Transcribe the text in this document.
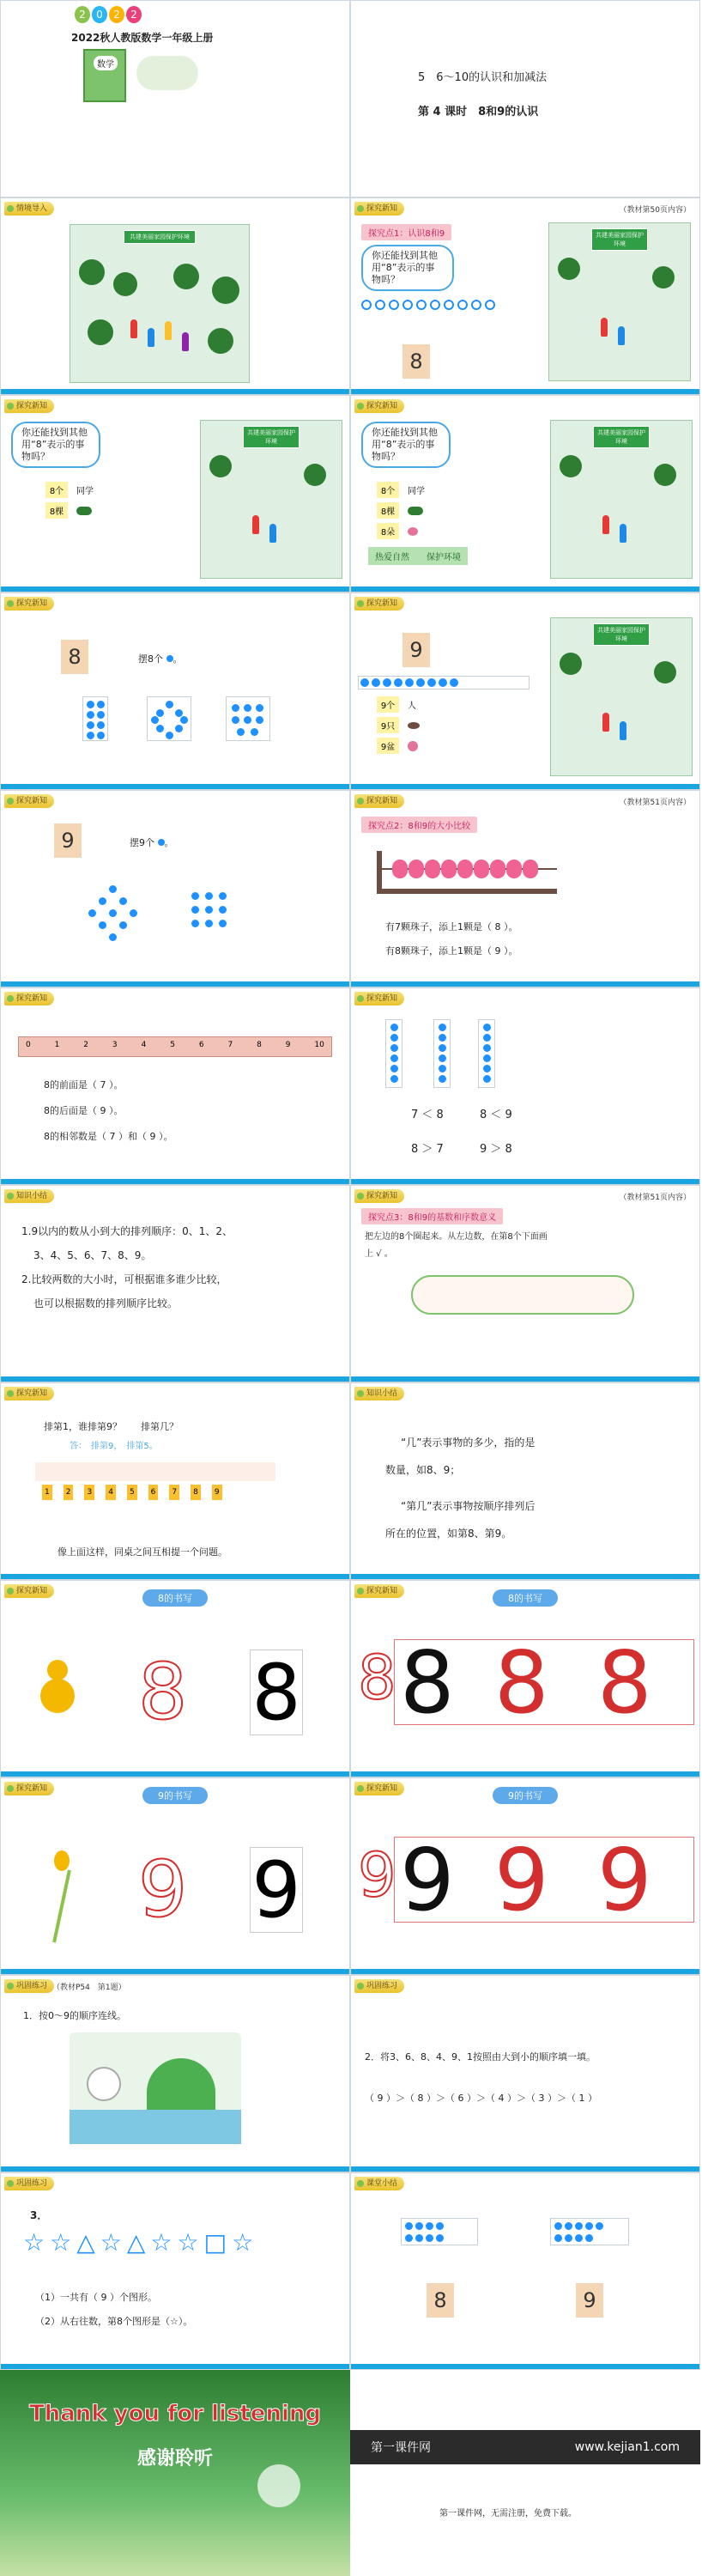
2	0	2	2
2022秋人教版数学一年级上册
数学
5　6～10的认识和加减法
第 4 课时　8和9的认识
情境导入
共建美丽家园保护环境
探究新知	（教材第50页内容）
探究点1：认识8和9
你还能找到其他用“8”表示的事物吗？
8
共建美丽家园保护环境
探究新知
你还能找到其他用“8”表示的事物吗？
8个	同学
8棵
共建美丽家园保护环境
探究新知
你还能找到其他用“8”表示的事物吗？
8个	同学
8棵
8朵
热爱自然　　保护环境
共建美丽家园保护环境
探究新知
8	摆8个 。
探究新知
9
9个	人
9只
9盆
共建美丽家园保护环境
探究新知
9	摆9个 。
探究新知	（教材第51页内容）
探究点2：8和9的大小比较
有7颗珠子，添上1颗是（ 8 ）。
有8颗珠子，添上1颗是（ 9 ）。
探究新知
0	1	2	3	4	5	6	7	8	9	10
8的前面是（ 7 ）。
8的后面是（ 9 ）。
8的相邻数是（ 7 ）和（ 9 ）。
探究新知
7 ＜ 8	8 ＜ 9
8 ＞ 7	9 ＞ 8
知识小结
1.9以内的数从小到大的排列顺序：0、1、2、
3、4、5、6、7、8、9。
2.比较两数的大小时，可根据谁多谁少比较，
也可以根据数的排列顺序比较。
探究新知	（教材第51页内容）
探究点3：8和9的基数和序数意义
把左边的8个圈起来。从左边数，在第8个下面画
上 √ 。
探究新知
排第1，谁排第9？　　排第几？
答：　排第9，　排第5。
1	2	3	4	5	6	7	8	9
像上面这样，同桌之间互相提一个问题。
知识小结
“几”表示事物的多少，指的是
数量，如8、9；
“第几”表示事物按顺序排列后
所在的位置，如第8、第9。
探究新知
8的书写
8 8
探究新知
8的书写
8 8 8 8
探究新知
9的书写
9 9
探究新知
9的书写
9 9 9 9
巩固练习 （教材P54　第1题）
1．按0～9的顺序连线。
巩固练习
2．将3、6、8、4、9、1按照由大到小的顺序填一填。
（ 9 ）＞（ 8 ）＞（ 6 ）＞（ 4 ）＞（ 3 ）＞（ 1 ）
巩固练习
3．
☆ ☆ △ ☆ △ ☆ ☆ □ ☆
（1）一共有（ 9 ）个图形。
（2）从右往数，第8个图形是（☆）。
课堂小结
8	9
Thank you for listening
感谢聆听	第一课件网	www.kejian1.com
第一课件网，无需注册，免费下载。
